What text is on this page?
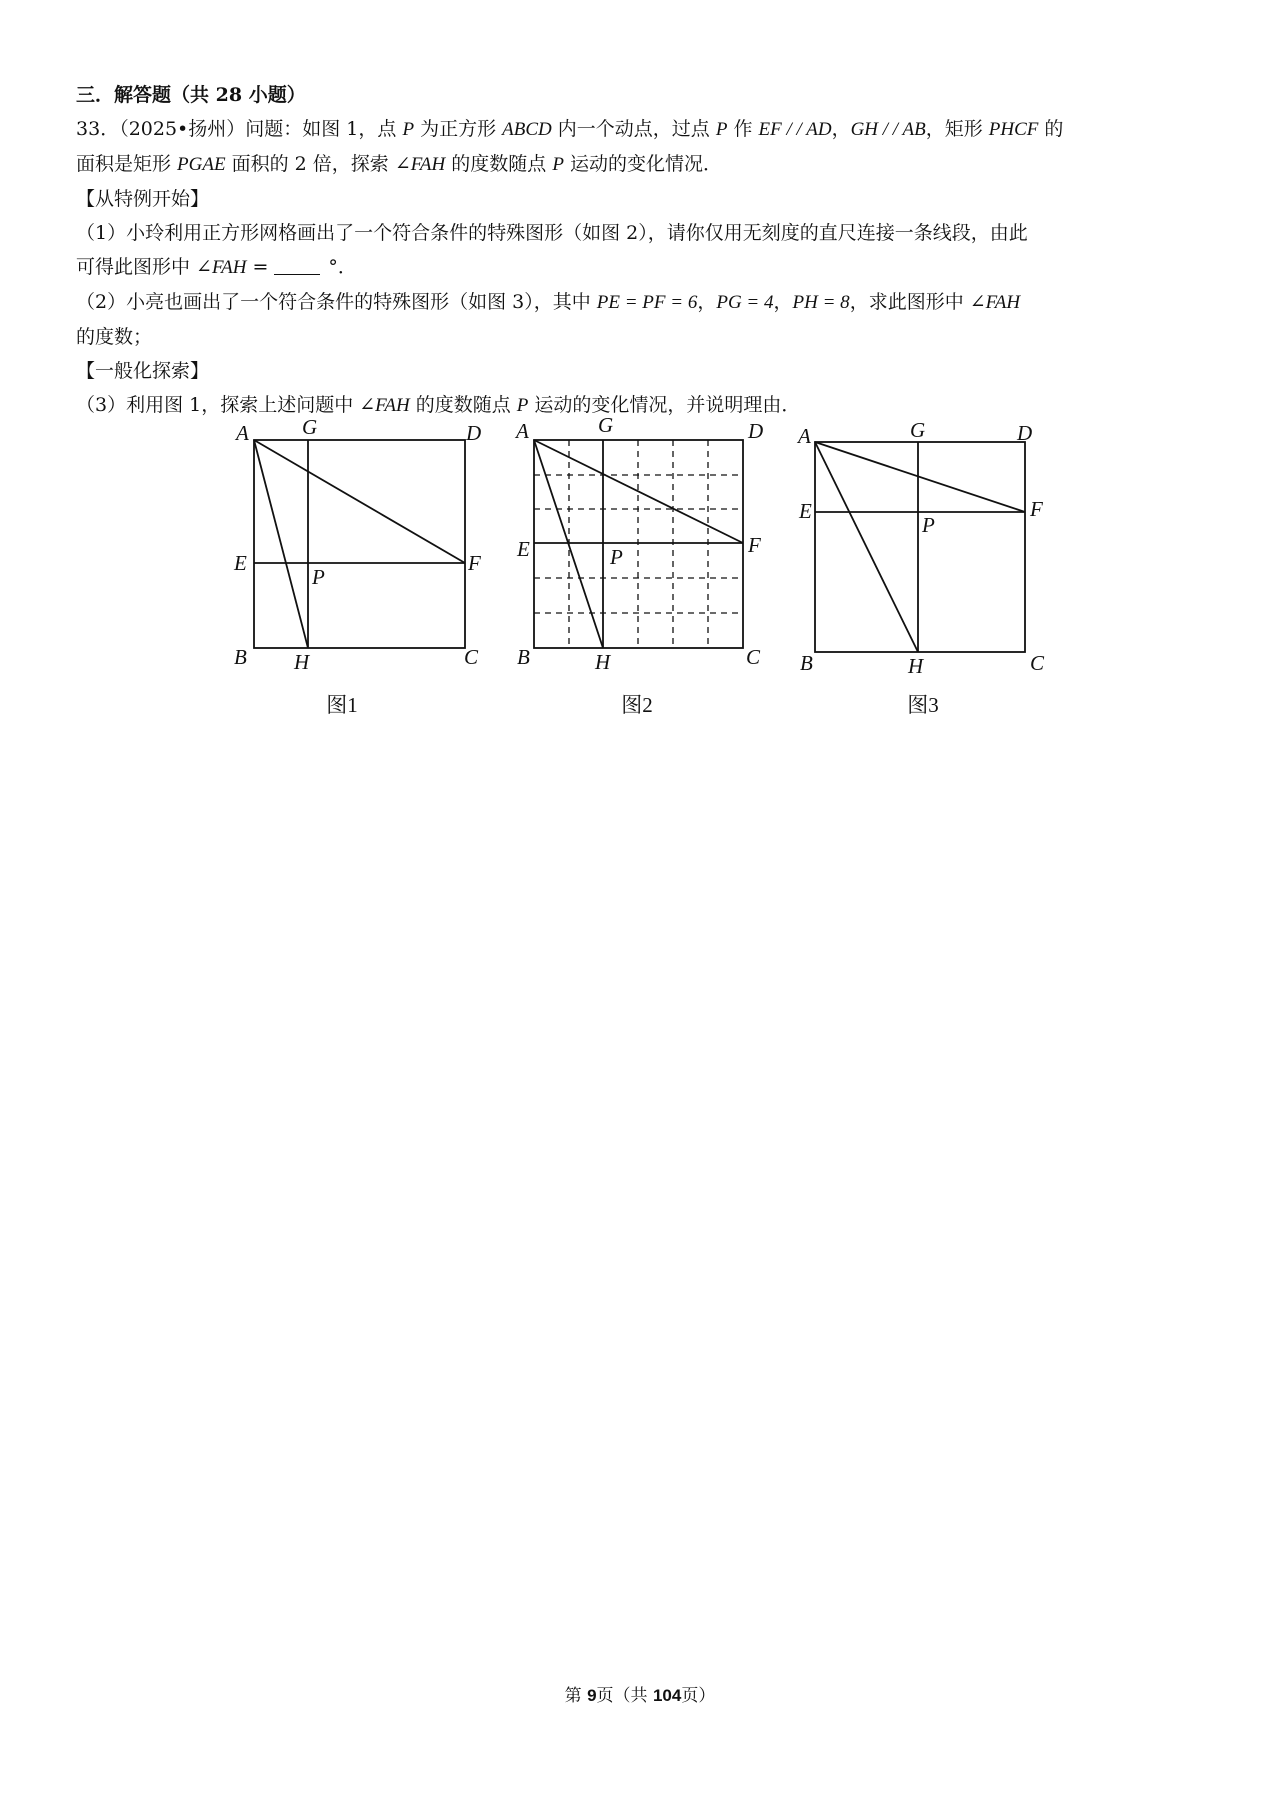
三．解答题（共 28 小题）
33．（2025•扬州）问题：如图 1，点 P 为正方形 ABCD 内一个动点，过点 P 作 EF / / AD，GH / / AB，矩形 PHCF 的
面积是矩形 PGAE 面积的 2 倍，探索 ∠FAH 的度数随点 P 运动的变化情况．
【从特例开始】
（1）小玲利用正方形网格画出了一个符合条件的特殊图形（如图 2），请你仅用无刻度的直尺连接一条线段，由此
可得此图形中 ∠FAH =	°．
（2）小亮也画出了一个符合条件的特殊图形（如图 3），其中 PE = PF = 6，PG = 4，PH = 8，求此图形中 ∠FAH
的度数；
【一般化探索】
（3）利用图 1，探索上述问题中 ∠FAH 的度数随点 P 运动的变化情况，并说明理由．
A	G	D
E	F
P
B H	C
A	G	D
E	F
P
B	H	C
A	G	D
E	F
P
B	H	C
图1	图2	图3
第 9页（共 104页）
